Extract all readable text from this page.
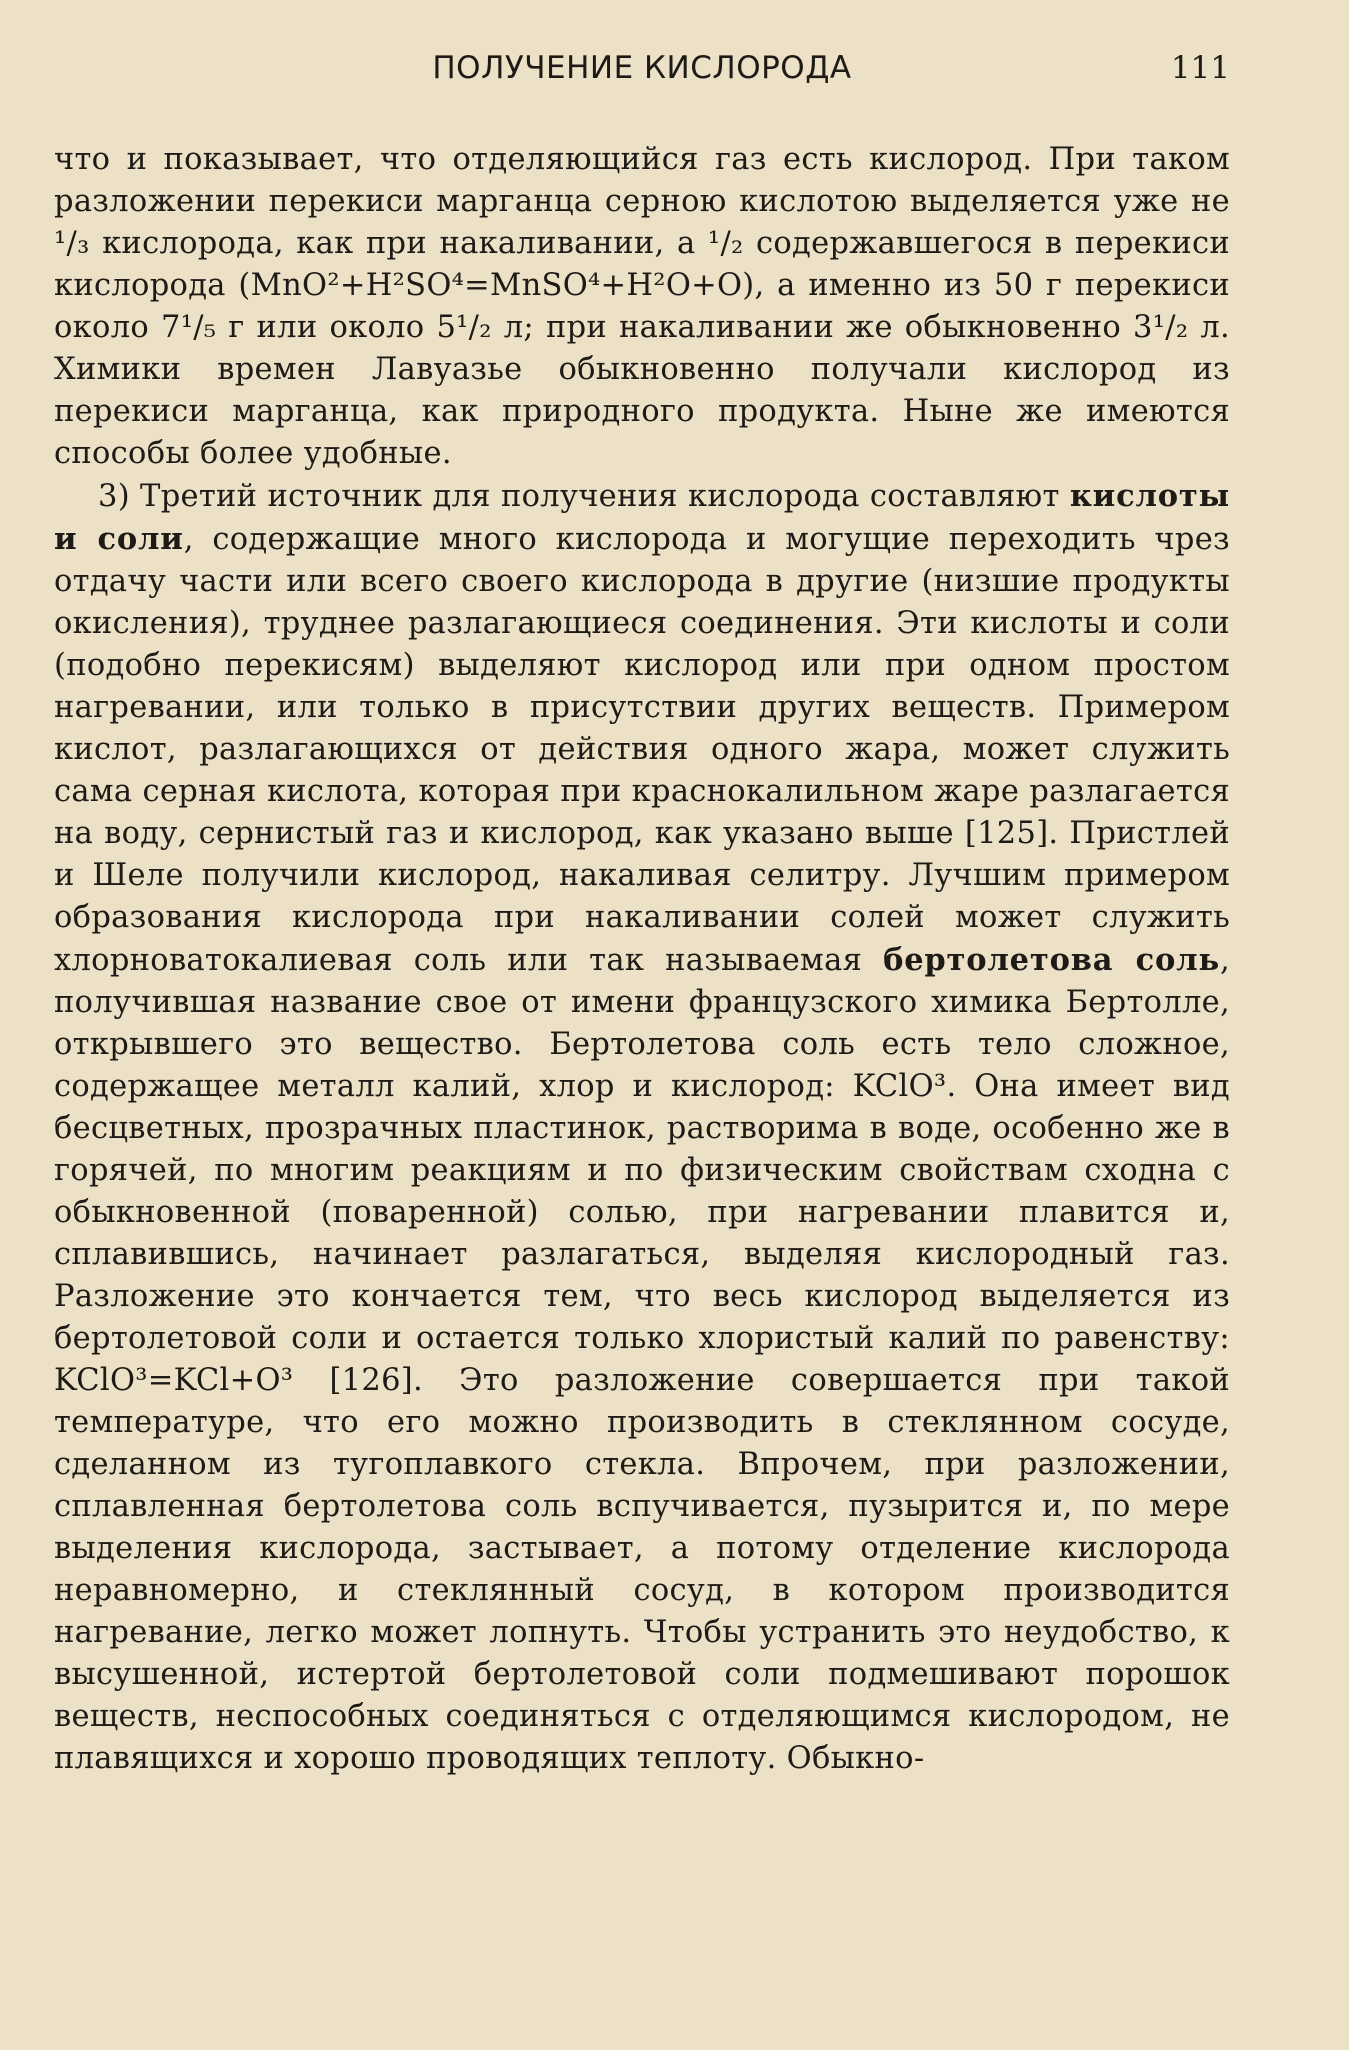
ПОЛУЧЕНИЕ КИСЛОРОДА	111

что и показывает, что отделяющийся газ есть кислород. При таком разложении перекиси марганца серною кислотою выделяется уже не ¹/₃ кислорода, как при накаливании, а ¹/₂ содержавшегося в перекиси кислорода (MnO²+H²SO⁴=MnSO⁴+H²O+O), а именно из 50 г перекиси около 7¹/₅ г или около 5¹/₂ л; при накаливании же обыкновенно 3¹/₂ л. Химики времен Лавуазье обыкновенно получали кислород из перекиси марганца, как природного продукта. Ныне же имеются способы более удобные.

3) Третий источник для получения кислорода составляют кислоты и соли, содержащие много кислорода и могущие переходить чрез отдачу части или всего своего кислорода в другие (низшие продукты окисления), труднее разлагающиеся соединения. Эти кислоты и соли (подобно перекисям) выделяют кислород или при одном простом нагревании, или только в присутствии других веществ. Примером кислот, разлагающихся от действия одного жара, может служить сама серная кислота, которая при краснокалильном жаре разлагается на воду, сернистый газ и кислород, как указано выше [125]. Пристлей и Шеле получили кислород, накаливая селитру. Лучшим примером образования кислорода при накаливании солей может служить хлорноватокалиевая соль или так называемая бертолетова соль, получившая название свое от имени французского химика Бертолле, открывшего это вещество. Бертолетова соль есть тело сложное, содержащее металл калий, хлор и кислород: KClO³. Она имеет вид бесцветных, прозрачных пластинок, растворима в воде, особенно же в горячей, по многим реакциям и по физическим свойствам сходна с обыкновенной (поваренной) солью, при нагревании плавится и, сплавившись, начинает разлагаться, выделяя кислородный газ. Разложение это кончается тем, что весь кислород выделяется из бертолетовой соли и остается только хлористый калий по равенству: KClO³=KCl+O³ [126]. Это разложение совершается при такой температуре, что его можно производить в стеклянном сосуде, сделанном из тугоплавкого стекла. Впрочем, при разложении, сплавленная бертолетова соль вспучивается, пузырится и, по мере выделения кислорода, застывает, а потому отделение кислорода неравномерно, и стеклянный сосуд, в котором производится нагревание, легко может лопнуть. Чтобы устранить это неудобство, к высушенной, истертой бертолетовой соли подмешивают порошок веществ, неспособных соединяться с отделяющимся кислородом, не плавящихся и хорошо проводящих теплоту. Обыкно-
